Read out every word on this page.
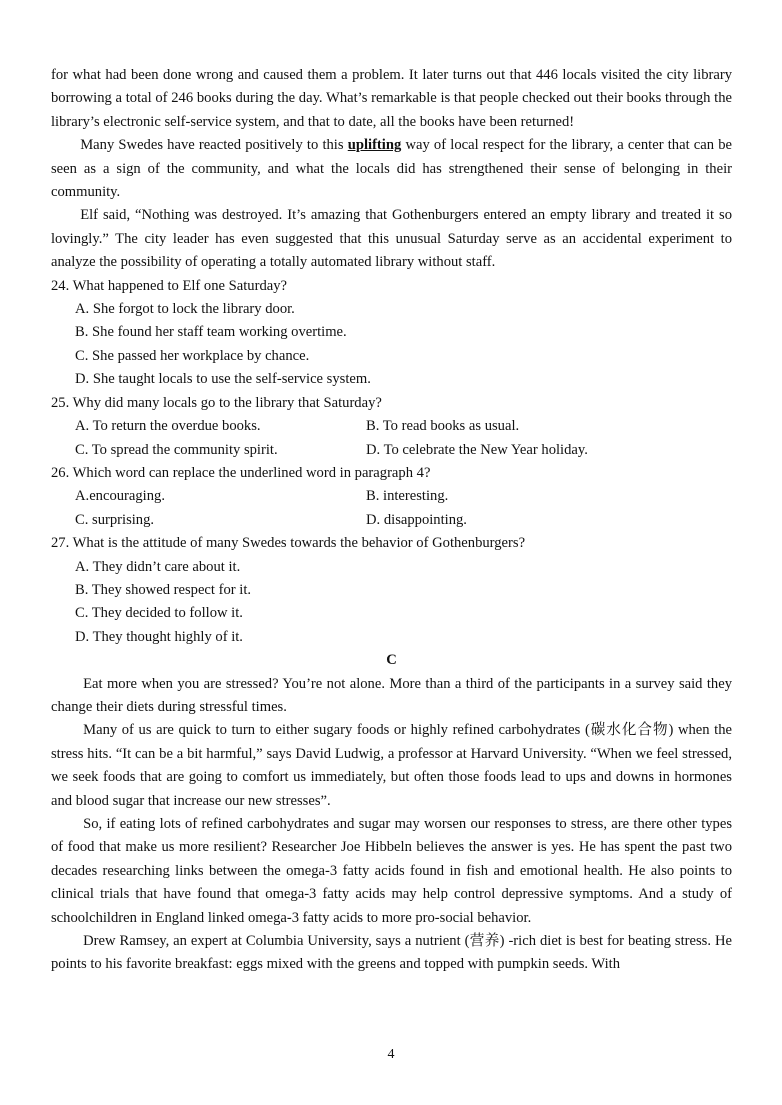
for what had been done wrong and caused them a problem. It later turns out that 446 locals visited the city library borrowing a total of 246 books during the day. What’s remarkable is that people checked out their books through the library’s electronic self-service system, and that to date, all the books have been returned!

Many Swedes have reacted positively to this uplifting way of local respect for the library, a center that can be seen as a sign of the community, and what the locals did has strengthened their sense of belonging in their community.

Elf said, “Nothing was destroyed. It’s amazing that Gothenburgers entered an empty library and treated it so lovingly.” The city leader has even suggested that this unusual Saturday serve as an accidental experiment to analyze the possibility of operating a totally automated library without staff.

24. What happened to Elf one Saturday?
A. She forgot to lock the library door.
B. She found her staff team working overtime.
C. She passed her workplace by chance.
D. She taught locals to use the self-service system.
25. Why did many locals go to the library that Saturday?
A. To return the overdue books.	B. To read books as usual.
C. To spread the community spirit.	D. To celebrate the New Year holiday.
26. Which word can replace the underlined word in paragraph 4?
A.encouraging.	B. interesting.
C. surprising.	D. disappointing.
27. What is the attitude of many Swedes towards the behavior of Gothenburgers?
A. They didn’t care about it.
B. They showed respect for it.
C. They decided to follow it.
D. They thought highly of it.
C

Eat more when you are stressed? You’re not alone. More than a third of the participants in a survey said they change their diets during stressful times.

Many of us are quick to turn to either sugary foods or highly refined carbohydrates (碳水化合物) when the stress hits. “It can be a bit harmful,” says David Ludwig, a professor at Harvard University. “When we feel stressed, we seek foods that are going to comfort us immediately, but often those foods lead to ups and downs in hormones and blood sugar that increase our new stresses”.

So, if eating lots of refined carbohydrates and sugar may worsen our responses to stress, are there other types of food that make us more resilient? Researcher Joe Hibbeln believes the answer is yes. He has spent the past two decades researching links between the omega-3 fatty acids found in fish and emotional health. He also points to clinical trials that have found that omega-3 fatty acids may help control depressive symptoms. And a study of schoolchildren in England linked omega-3 fatty acids to more pro-social behavior.

Drew Ramsey, an expert at Columbia University, says a nutrient (营养) -rich diet is best for beating stress. He points to his favorite breakfast: eggs mixed with the greens and topped with pumpkin seeds. With

4
